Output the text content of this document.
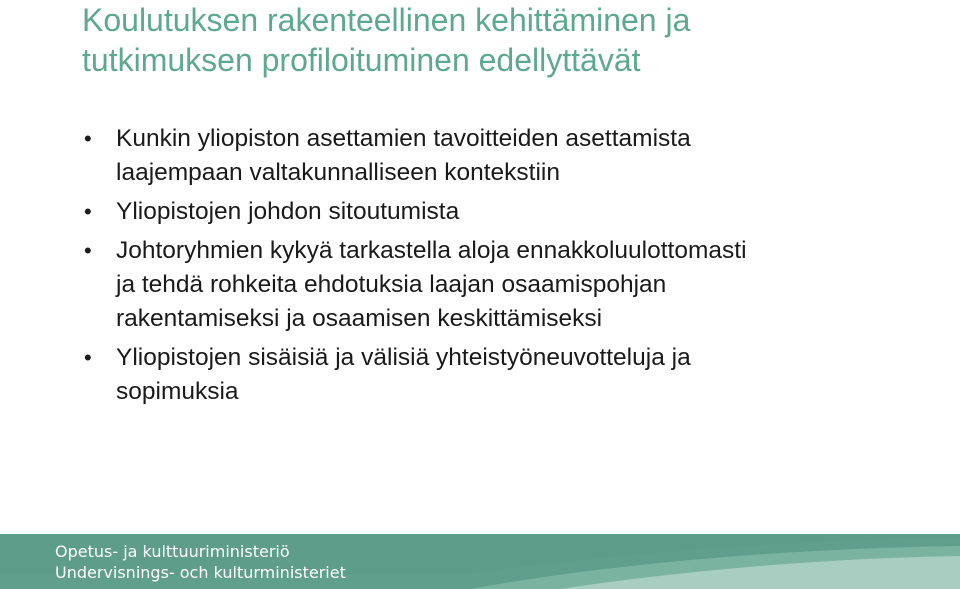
Koulutuksen rakenteellinen kehittäminen ja
tutkimuksen profiloituminen edellyttävät
• Kunkin yliopiston asettamien tavoitteiden asettamista
laajempaan valtakunnalliseen kontekstiin
• Yliopistojen johdon sitoutumista
• Johtoryhmien kykyä tarkastella aloja ennakkoluulottomasti
ja tehdä rohkeita ehdotuksia laajan osaamispohjan
rakentamiseksi ja osaamisen keskittämiseksi
• Yliopistojen sisäisiä ja välisiä yhteistyöneuvotteluja ja
sopimuksia
Opetus- ja kulttuuriministeriö
Undervisnings- och kulturministeriet
